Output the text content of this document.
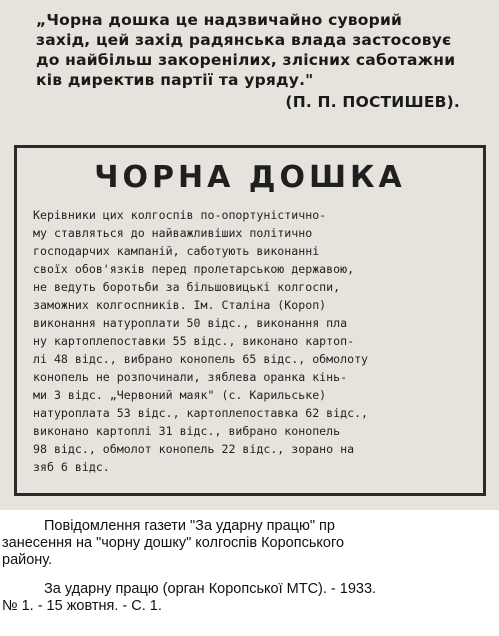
„Чорна дошка це надзвичайно суворий
захід, цей захід радянська влада застосовує
до найбільш закоренілих, злісних саботажни
ків директив партії та уряду."
(П. П. ПОСТИШЕВ).
ЧОРНА ДОШКА
Керівники цих колгоспів по-опортуністично-
му ставляться до найважливіших політично
господарчих кампаній, саботують виконанні
своїх обов'язків перед пролетарською державою,
не ведуть боротьби за більшовицькі колгоспи,
заможних колгоспників. Ім. Сталіна (Короп)
виконання натуроплати 50 відс., виконання пла
ну картоплепоставки 55 відс., виконано картоп-
лі 48 відс., вибрано конопель 65 відс., обмолоту
конопель не розпочинали, зяблева оранка кінь-
ми 3 відс. „Червоний маяк" (с. Карильське)
натуроплата 53 відс., картоплепоставка 62 відс.,
виконано картоплі 31 відс., вибрано конопель
98 відс., обмолот конопель 22 відс., зорано на
зяб 6 відс.
Повідомлення газети "За ударну працю" пр
занесення на "чорну дошку" колгоспів Коропського
району.
За ударну працю (орган Коропської МТС). - 1933.
№ 1. - 15 жовтня. - С. 1.
